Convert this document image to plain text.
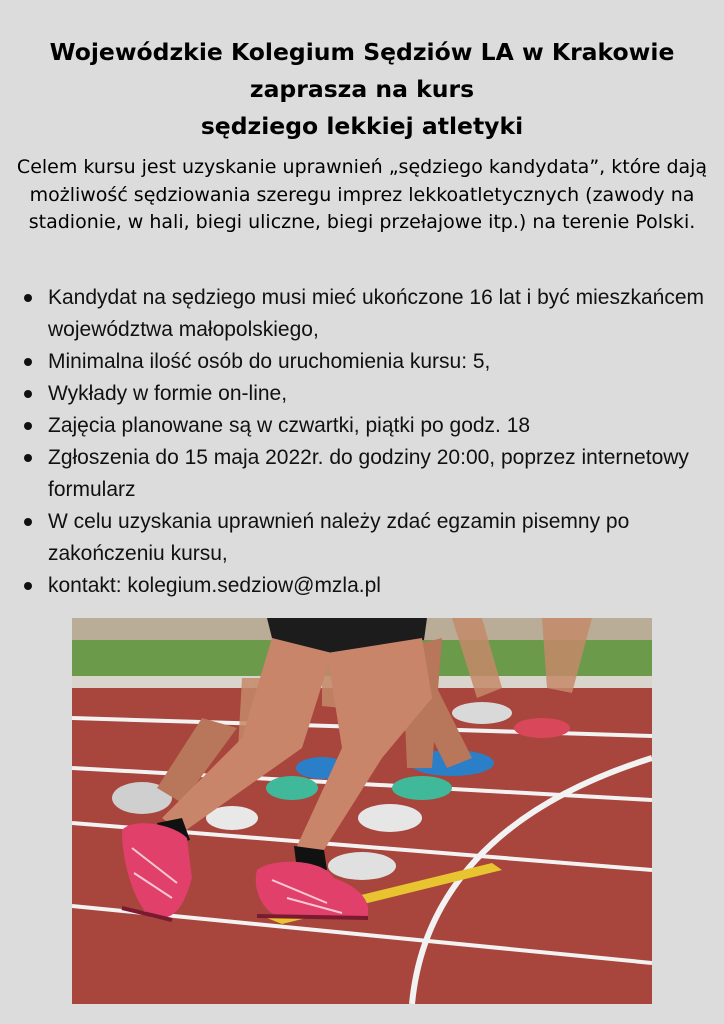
Wojewódzkie Kolegium Sędziów LA w Krakowie
zaprasza na kurs
sędziego lekkiej atletyki
Celem kursu jest uzyskanie uprawnień „sędziego kandydata”, które dają możliwość sędziowania szeregu imprez lekkoatletycznych (zawody na stadionie, w hali, biegi uliczne, biegi przełajowe itp.) na terenie Polski.
Kandydat na sędziego musi mieć ukończone 16 lat i być mieszkańcem województwa małopolskiego,
Minimalna ilość osób do uruchomienia kursu: 5,
Wykłady w formie on-line,
Zajęcia planowane są w czwartki, piątki po godz. 18
Zgłoszenia do 15 maja 2022r. do godziny 20:00, poprzez internetowy formularz
W celu uzyskania uprawnień należy zdać egzamin pisemny po zakończeniu kursu,
kontakt: kolegium.sedziow@mzla.pl
